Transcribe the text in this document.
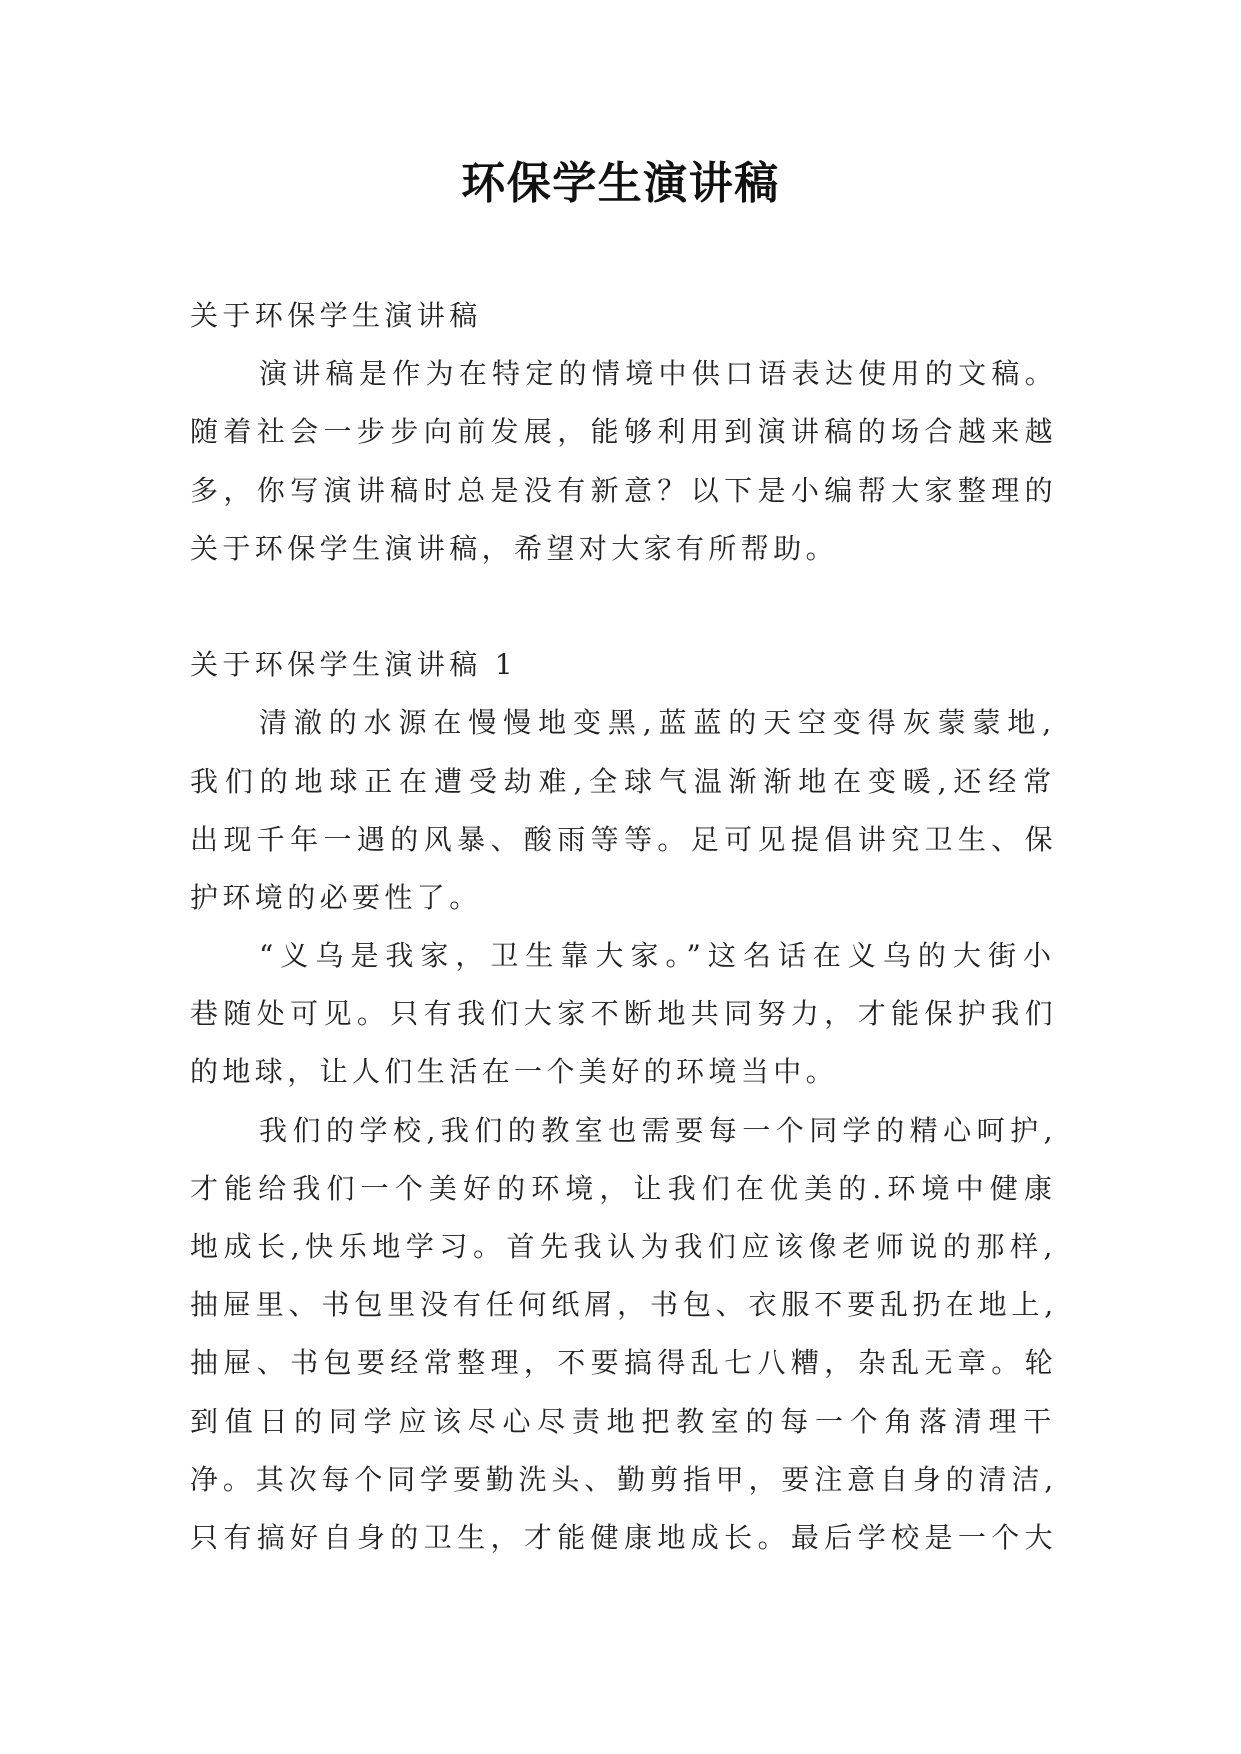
环保学生演讲稿
关于环保学生演讲稿
演讲稿是作为在特定的情境中供口语表达使用的文稿。
随着社会一步步向前发展，能够利用到演讲稿的场合越来越
多，你写演讲稿时总是没有新意？以下是小编帮大家整理的
关于环保学生演讲稿，希望对大家有所帮助。
关于环保学生演讲稿 1
清澈的水源在慢慢地变黑,蓝蓝的天空变得灰蒙蒙地,
我们的地球正在遭受劫难,全球气温渐渐地在变暖,还经常
出现千年一遇的风暴、酸雨等等。足可见提倡讲究卫生、保
护环境的必要性了。
“义乌是我家，卫生靠大家。”这名话在义乌的大街小
巷随处可见。只有我们大家不断地共同努力，才能保护我们
的地球，让人们生活在一个美好的环境当中。
我们的学校,我们的教室也需要每一个同学的精心呵护,
才能给我们一个美好的环境，让我们在优美的.环境中健康
地成长,快乐地学习。首先我认为我们应该像老师说的那样,
抽屉里、书包里没有任何纸屑，书包、衣服不要乱扔在地上,
抽屉、书包要经常整理，不要搞得乱七八糟，杂乱无章。轮
到值日的同学应该尽心尽责地把教室的每一个角落清理干
净。其次每个同学要勤洗头、勤剪指甲，要注意自身的清洁,
只有搞好自身的卫生，才能健康地成长。最后学校是一个大
